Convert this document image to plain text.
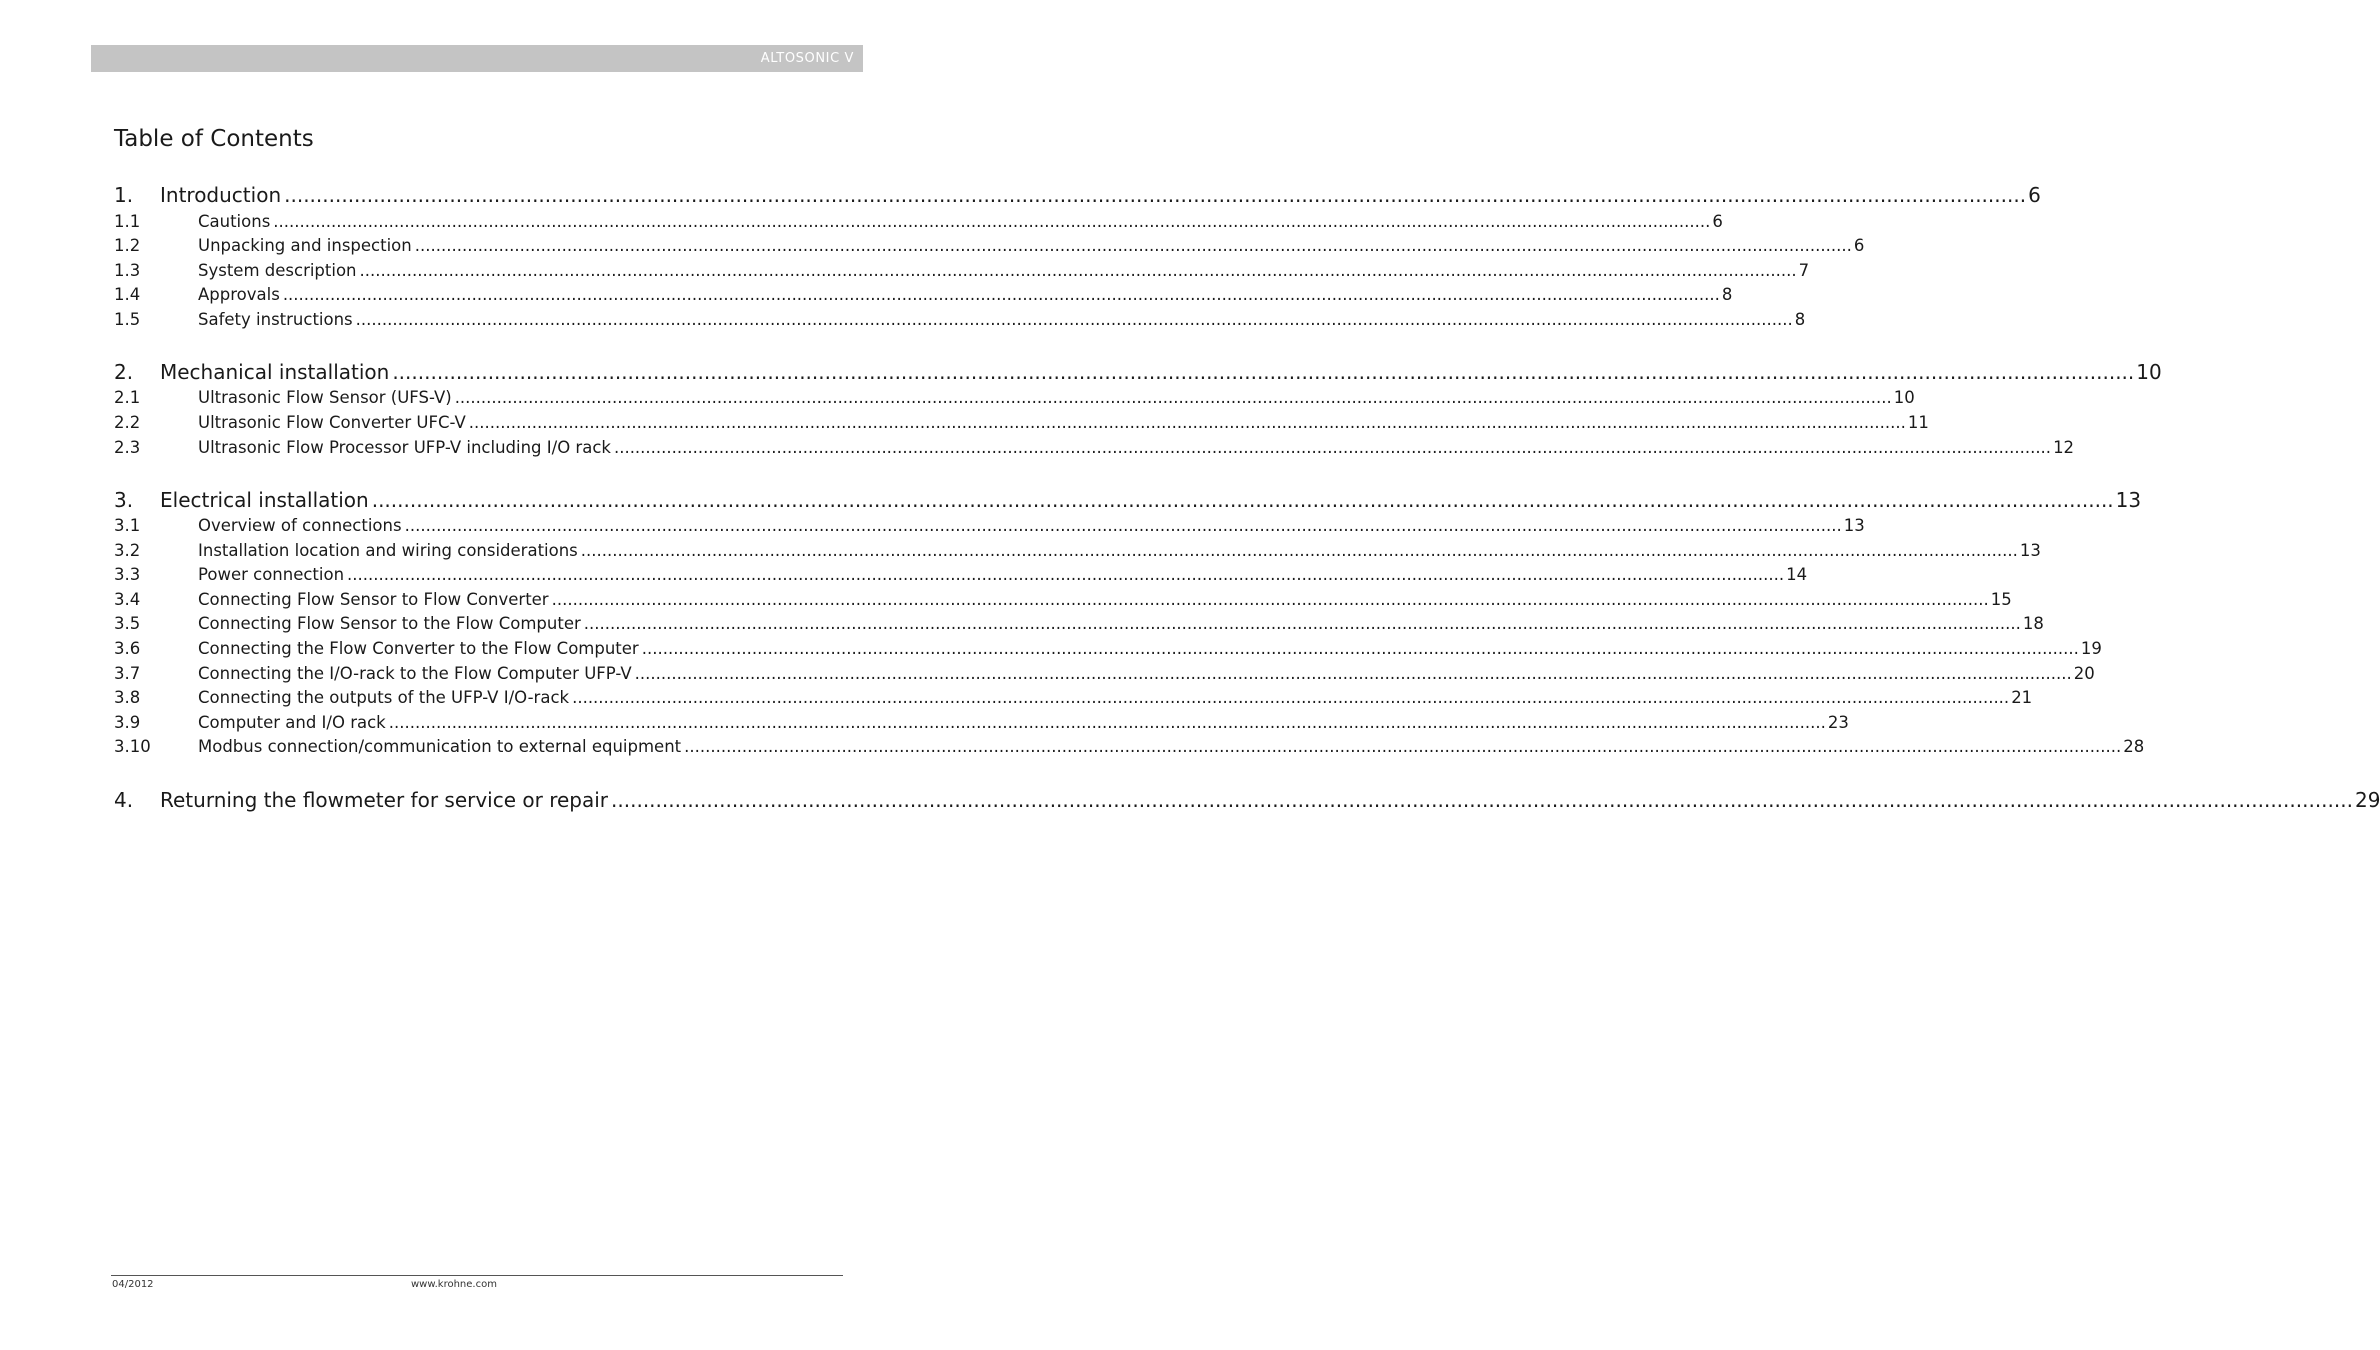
ALTOSONIC V
Table of Contents
1.	Introduction .....	6
1.1	Cautions .....	6
1.2	Unpacking and inspection .....	6
1.3	System description .....	7
1.4	Approvals .....	8
1.5	Safety instructions .....	8
2.	Mechanical installation .....	10
2.1	Ultrasonic Flow Sensor (UFS-V) .....	10
2.2	Ultrasonic Flow Converter UFC-V .....	11
2.3	Ultrasonic Flow Processor UFP-V including I/O rack .....	12
3.	Electrical installation .....	13
3.1	Overview of connections .....	13
3.2	Installation location and wiring considerations .....	13
3.3	Power connection .....	14
3.4	Connecting Flow Sensor to Flow Converter .....	15
3.5	Connecting Flow Sensor to the Flow Computer .....	18
3.6	Connecting the Flow Converter to the Flow Computer .....	19
3.7	Connecting the I/O-rack to the Flow Computer UFP-V .....	20
3.8	Connecting the outputs of the UFP-V I/O-rack .....	21
3.9	Computer and I/O rack .....	23
3.10	Modbus connection/communication to external equipment .....	28
4.	Returning the flowmeter for service or repair .....	29
04/2012	www.krohne.com
